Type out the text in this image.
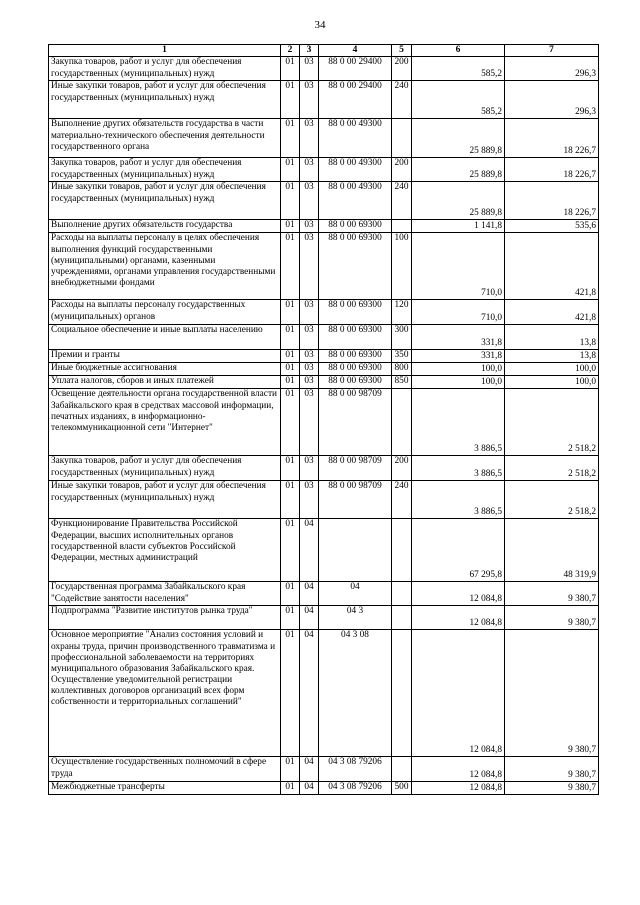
34
1	2	3	4	5	6	7
Закупка товаров, работ и услуг для обеспечения государственных (муниципальных) нужд	01	03	88 0 00 29400	200	585,2	296,3
Иные закупки товаров, работ и услуг для обеспечения государственных (муниципальных) нужд	01	03	88 0 00 29400	240	585,2	296,3
Выполнение других обязательств государства в части материально-технического обеспечения деятельности государственного органа	01	03	88 0 00 49300		25 889,8	18 226,7
Закупка товаров, работ и услуг для обеспечения государственных (муниципальных) нужд	01	03	88 0 00 49300	200	25 889,8	18 226,7
Иные закупки товаров, работ и услуг для обеспечения государственных (муниципальных) нужд	01	03	88 0 00 49300	240	25 889,8	18 226,7
Выполнение других обязательств государства	01	03	88 0 00 69300		1 141,8	535,6
Расходы на выплаты персоналу в целях обеспечения выполнения функций государственными (муниципальными) органами, казенными учреждениями, органами управления государственными внебюджетными фондами	01	03	88 0 00 69300	100	710,0	421,8
Расходы на выплаты персоналу государственных (муниципальных) органов	01	03	88 0 00 69300	120	710,0	421,8
Социальное обеспечение и иные выплаты населению	01	03	88 0 00 69300	300	331,8	13,8
Премии и гранты	01	03	88 0 00 69300	350	331,8	13,8
Иные бюджетные ассигнования	01	03	88 0 00 69300	800	100,0	100,0
Уплата налогов, сборов и иных платежей	01	03	88 0 00 69300	850	100,0	100,0
Освещение деятельности органа государственной власти Забайкальского края в средствах массовой информации, печатных изданиях, в информационно-телекоммуникационной сети "Интернет"	01	03	88 0 00 98709		3 886,5	2 518,2
Закупка товаров, работ и услуг для обеспечения государственных (муниципальных) нужд	01	03	88 0 00 98709	200	3 886,5	2 518,2
Иные закупки товаров, работ и услуг для обеспечения государственных (муниципальных) нужд	01	03	88 0 00 98709	240	3 886,5	2 518,2
Функционирование Правительства Российской Федерации, высших исполнительных органов государственной власти субъектов Российской Федерации, местных администраций	01	04			67 295,8	48 319,9
Государственная программа Забайкальского края "Содействие занятости населения"	01	04	04		12 084,8	9 380,7
Подпрограмма "Развитие институтов рынка труда"	01	04	04 3		12 084,8	9 380,7
Основное мероприятие "Анализ состояния условий и охраны труда, причин производственного травматизма и профессиональной заболеваемости на территориях муниципального образования Забайкальского края. Осуществление уведомительной регистрации коллективных договоров организаций всех форм собственности и территориальных соглашений"	01	04	04 3 08		12 084,8	9 380,7
Осуществление государственных полномочий в сфере труда	01	04	04 3 08 79206		12 084,8	9 380,7
Межбюджетные трансферты	01	04	04 3 08 79206	500	12 084,8	9 380,7
